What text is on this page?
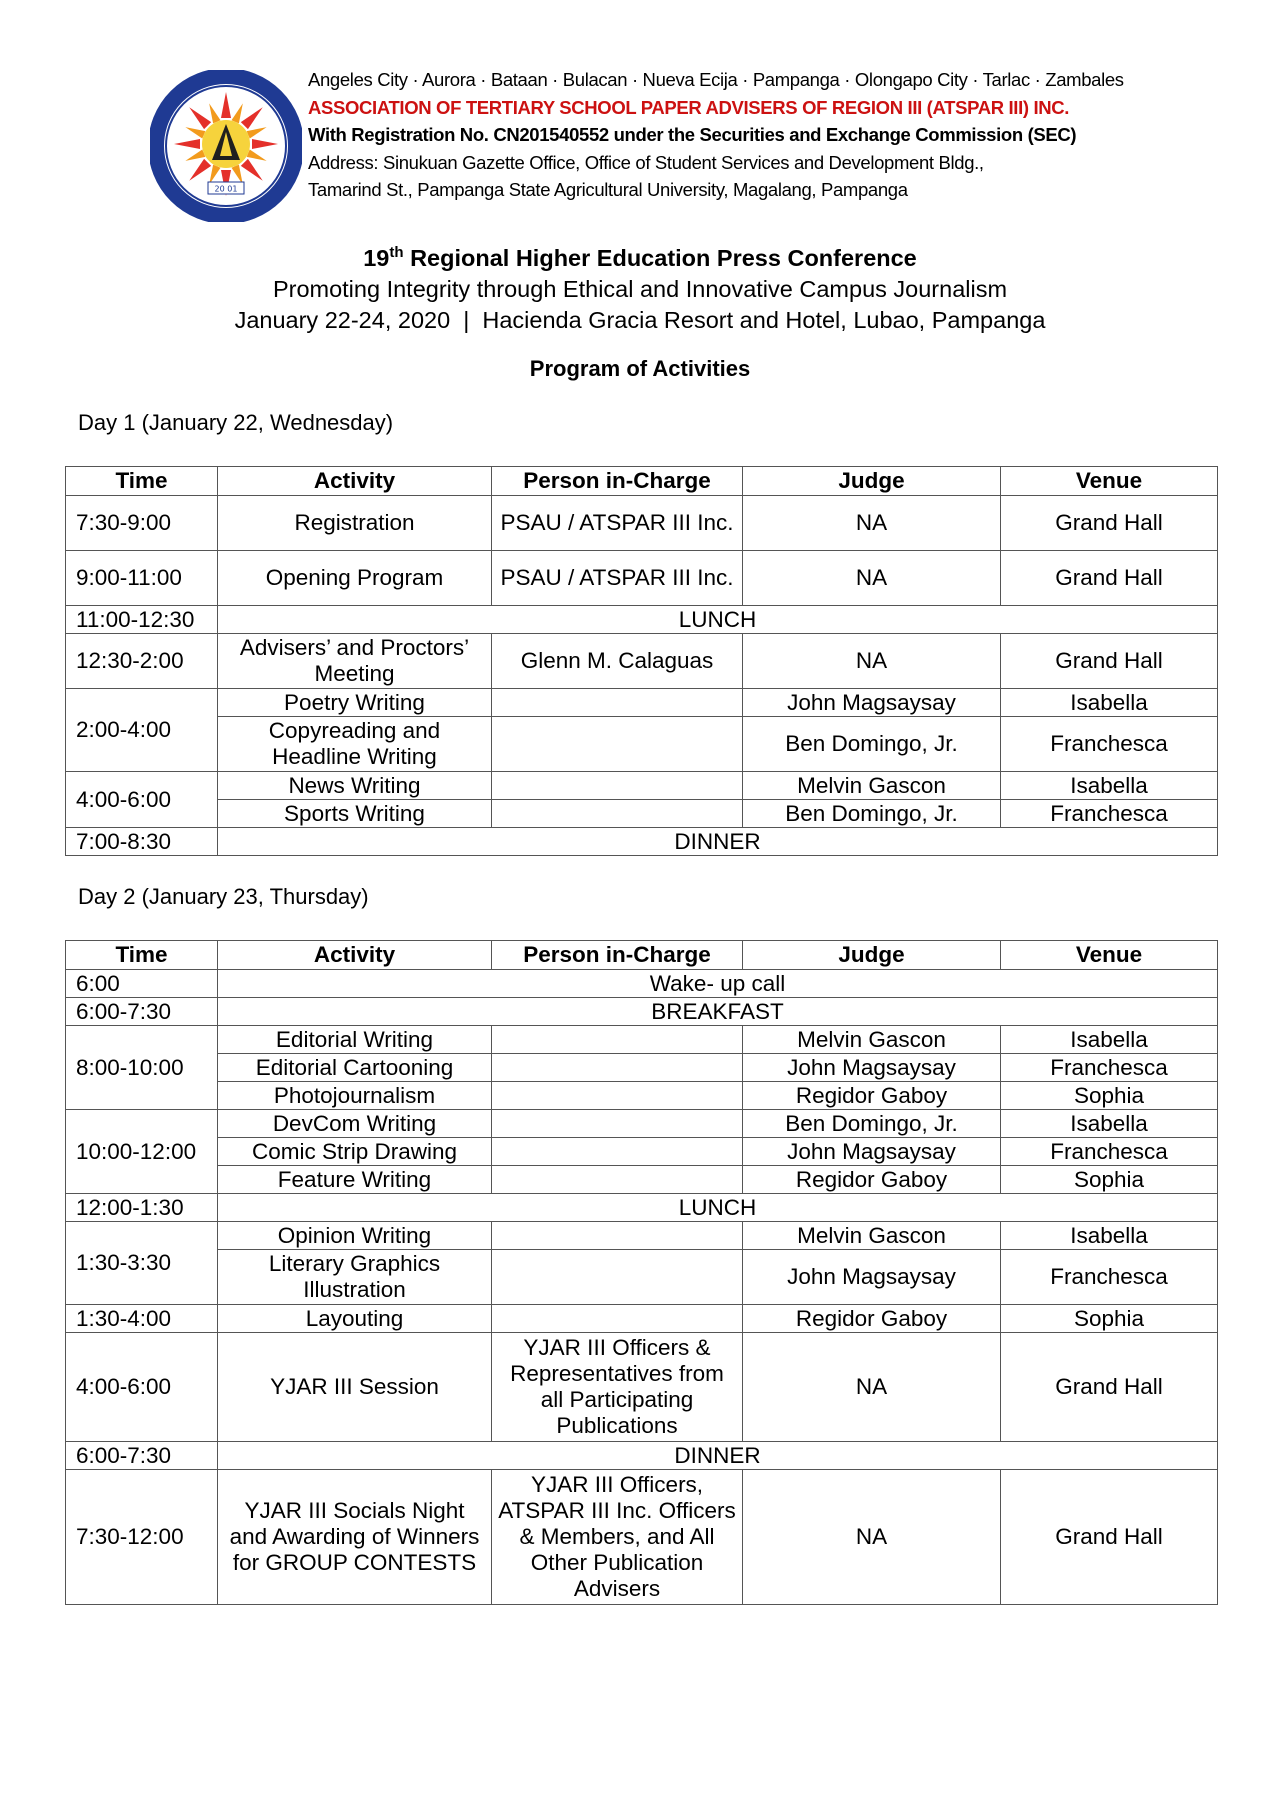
20 01
Angeles City · Aurora · Bataan · Bulacan · Nueva Ecija · Pampanga · Olongapo City · Tarlac · Zambales
ASSOCIATION OF TERTIARY SCHOOL PAPER ADVISERS OF REGION III (ATSPAR III) INC.
With Registration No. CN201540552 under the Securities and Exchange Commission (SEC)
Address: Sinukuan Gazette Office, Office of Student Services and Development Bldg.,
Tamarind St., Pampanga State Agricultural University, Magalang, Pampanga
19th Regional Higher Education Press Conference
Promoting Integrity through Ethical and Innovative Campus Journalism
January 22-24, 2020  |  Hacienda Gracia Resort and Hotel, Lubao, Pampanga
Program of Activities
Day 1 (January 22, Wednesday)
Time	Activity	Person in-Charge	Judge	Venue
7:30-9:00	Registration	PSAU / ATSPAR III Inc.	NA	Grand Hall
9:00-11:00	Opening Program	PSAU / ATSPAR III Inc.	NA	Grand Hall
11:00-12:30	LUNCH			
12:30-2:00	Advisers’ and Proctors’ Meeting	Glenn M. Calaguas	NA	Grand Hall
2:00-4:00	Poetry Writing		John Magsaysay	Isabella
	Copyreading and Headline Writing		Ben Domingo, Jr.	Franchesca
4:00-6:00	News Writing		Melvin Gascon	Isabella
	Sports Writing		Ben Domingo, Jr.	Franchesca
7:00-8:30	DINNER			
Day 2 (January 23, Thursday)
Time	Activity	Person in-Charge	Judge	Venue
6:00	Wake- up call			
6:00-7:30	BREAKFAST			
8:00-10:00	Editorial Writing		Melvin Gascon	Isabella
	Editorial Cartooning		John Magsaysay	Franchesca
	Photojournalism		Regidor Gaboy	Sophia
10:00-12:00	DevCom Writing		Ben Domingo, Jr.	Isabella
	Comic Strip Drawing		John Magsaysay	Franchesca
	Feature Writing		Regidor Gaboy	Sophia
12:00-1:30	LUNCH			
1:30-3:30	Opinion Writing		Melvin Gascon	Isabella
	Literary Graphics Illustration		John Magsaysay	Franchesca
1:30-4:00	Layouting		Regidor Gaboy	Sophia
4:00-6:00	YJAR III Session	YJAR III Officers & Representatives from all Participating Publications	NA	Grand Hall
6:00-7:30	DINNER			
7:30-12:00	YJAR III Socials Night and Awarding of Winners for GROUP CONTESTS	YJAR III Officers, ATSPAR III Inc. Officers & Members, and All Other Publication Advisers	NA	Grand Hall
